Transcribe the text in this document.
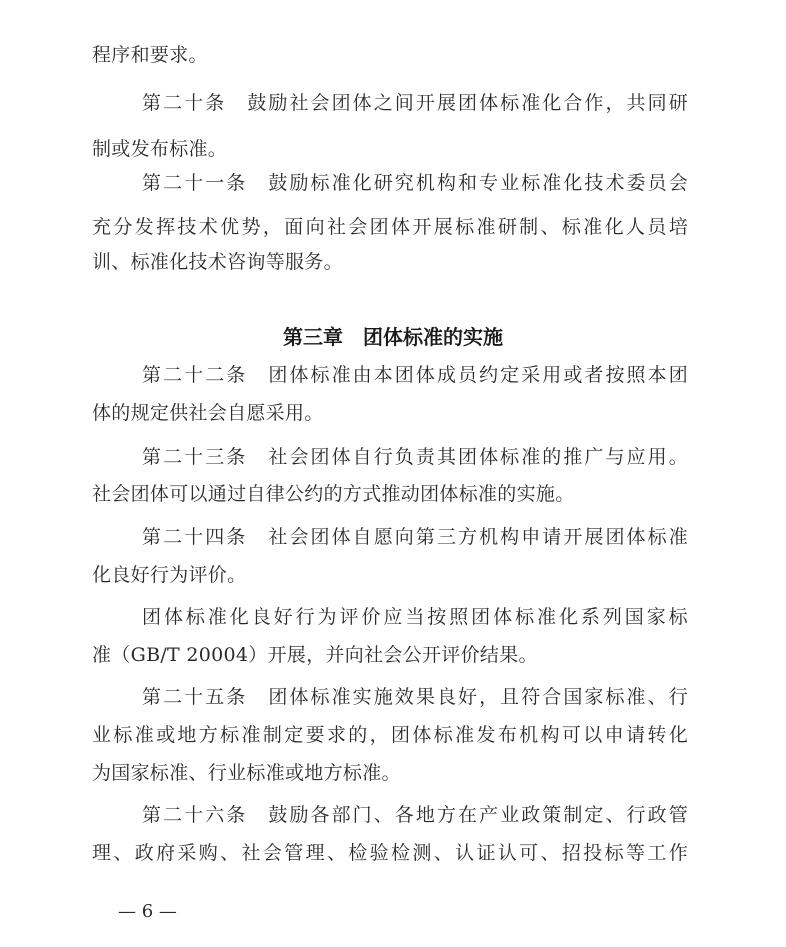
程序和要求。
第二十条　鼓励社会团体之间开展团体标准化合作，共同研
制或发布标准。
第二十一条　鼓励标准化研究机构和专业标准化技术委员会
充分发挥技术优势，面向社会团体开展标准研制、标准化人员培
训、标准化技术咨询等服务。
第三章　团体标准的实施
第二十二条　团体标准由本团体成员约定采用或者按照本团
体的规定供社会自愿采用。
第二十三条　社会团体自行负责其团体标准的推广与应用。
社会团体可以通过自律公约的方式推动团体标准的实施。
第二十四条　社会团体自愿向第三方机构申请开展团体标准
化良好行为评价。
团体标准化良好行为评价应当按照团体标准化系列国家标
准（GB/T 20004）开展，并向社会公开评价结果。
第二十五条　团体标准实施效果良好，且符合国家标准、行
业标准或地方标准制定要求的，团体标准发布机构可以申请转化
为国家标准、行业标准或地方标准。
第二十六条　鼓励各部门、各地方在产业政策制定、行政管
理、政府采购、社会管理、检验检测、认证认可、招投标等工作
— 6 —
